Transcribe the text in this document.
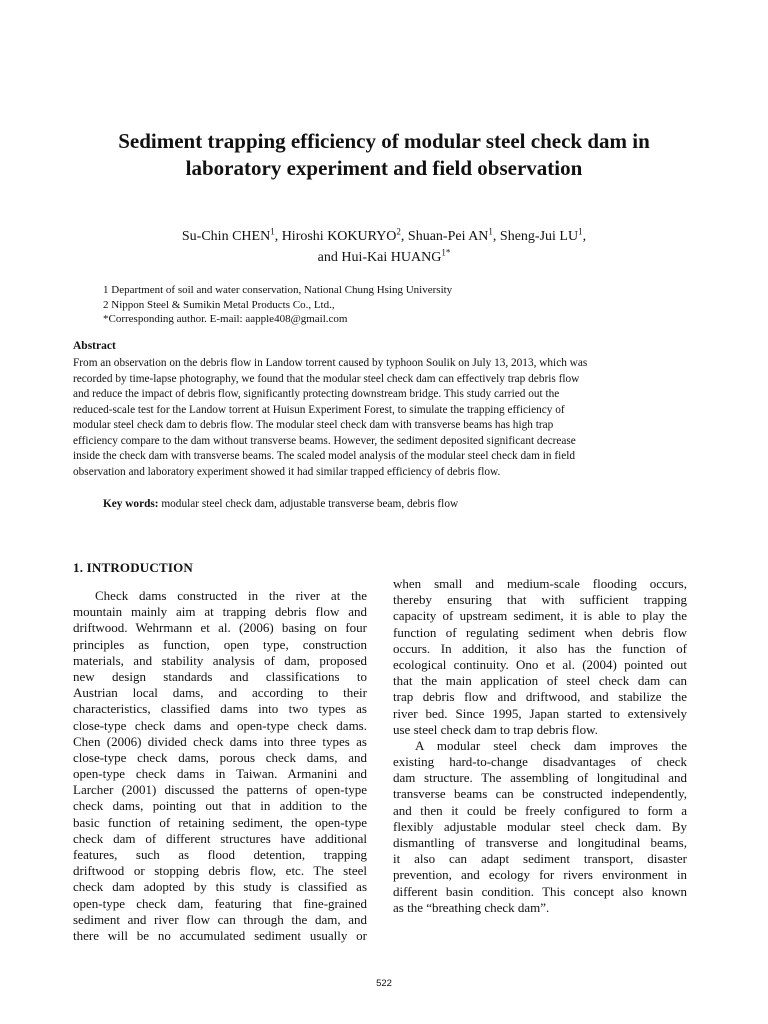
Sediment trapping efficiency of modular steel check dam in
laboratory experiment and field observation
Su-Chin CHEN$^1$, Hiroshi KOKURYO$^2$, Shuan-Pei $AN^1$, Sheng-Jui $LU^1$,
and Hui-Kai $HUANG^{1*}$
1 Department of soil and water conservation, National Chung Hsing University
2 Nippon Steel & Sumikin Metal Products Co., Ltd.,
*Corresponding author. E-mail: aapple408@gmail.com
Abstract
From an observation on the debris flow in Landow torrent caused by typhoon Soulik on July 13, 2013, which was
recorded by time-lapse photography, we found that the modular steel check dam can effectively trap debris flow
and reduce the impact of debris flow, significantly protecting downstream bridge. This study carried out the
reduced-scale test for the Landow torrent at Huisun Experiment Forest, to simulate the trapping efficiency of
modular steel check dam to debris flow. The modular steel check dam with transverse beams has high trap
efficiency compare to the dam without transverse beams. However, the sediment deposited significant decrease
inside the check dam with transverse beams. The scaled model analysis of the modular steel check dam in field
observation and laboratory experiment showed it had similar trapped efficiency of debris flow.
Key words: modular steel check dam, adjustable transverse beam, debris flow
1. INTRODUCTION
Check dams constructed in the river at the
mountain mainly aim at trapping debris flow and
driftwood. Wehrmann et al. (2006) basing on four
principles as function, open type, construction
materials, and stability analysis of dam, proposed
new design standards and classifications to
Austrian local dams, and according to their
characteristics, classified dams into two types as
close-type check dams and open-type check dams.
Chen (2006) divided check dams into three types as
close-type check dams, porous check dams, and
open-type check dams in Taiwan. Armanini and
Larcher (2001) discussed the patterns of open-type
check dams, pointing out that in addition to the
basic function of retaining sediment, the open-type
check dam of different structures have additional
features, such as flood detention, trapping
driftwood or stopping debris flow, etc. The steel
check dam adopted by this study is classified as
open-type check dam, featuring that fine-grained
sediment and river flow can through the dam, and
there will be no accumulated sediment usually or
when small and medium-scale flooding occurs,
thereby ensuring that with sufficient trapping
capacity of upstream sediment, it is able to play the
function of regulating sediment when debris flow
occurs. In addition, it also has the function of
ecological continuity. Ono et al. (2004) pointed out
that the main application of steel check dam can
trap debris flow and driftwood, and stabilize the
river bed. Since 1995, Japan started to extensively
use steel check dam to trap debris flow.
A modular steel check dam improves the
existing hard-to-change disadvantages of check
dam structure. The assembling of longitudinal and
transverse beams can be constructed independently,
and then it could be freely configured to form a
flexibly adjustable modular steel check dam. By
dismantling of transverse and longitudinal beams,
it also can adapt sediment transport, disaster
prevention, and ecology for rivers environment in
different basin condition. This concept also known
as the “breathing check dam”.
522
